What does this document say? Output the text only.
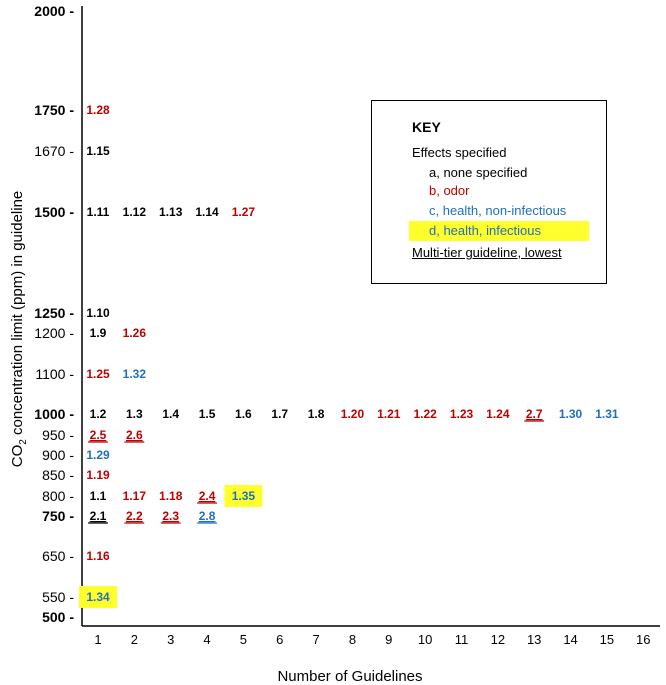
2000 -
1750 -
1670 -
1500 -
1250 -
1200 -
1100 -
1000 -
950 -
900 -
850 -
800 -
750 -
650 -
550 -
500 -
1 2 3 4 5 6 7 8 9 10 11 12 13 14 15 16
1.28
1.15
1.11 1.12 1.13 1.14 1.27
1.10
1.9 1.26
1.25 1.32
1.2 1.3 1.4 1.5 1.6 1.7 1.8 1.20 1.21 1.22 1.23 1.24 2.7 1.30 1.31
2.5 2.6
1.29
1.19
1.1 1.17 1.18 2.4 1.35
2.1 2.2 2.3 2.8
1.16
1.34
Number of Guidelines
$CO_2$ concentration limit (ppm) in guideline
KEY
Effects specified
a, none specified
b, odor
c, health, non-infectious
d, health, infectious
Multi-tier guideline, lowest
